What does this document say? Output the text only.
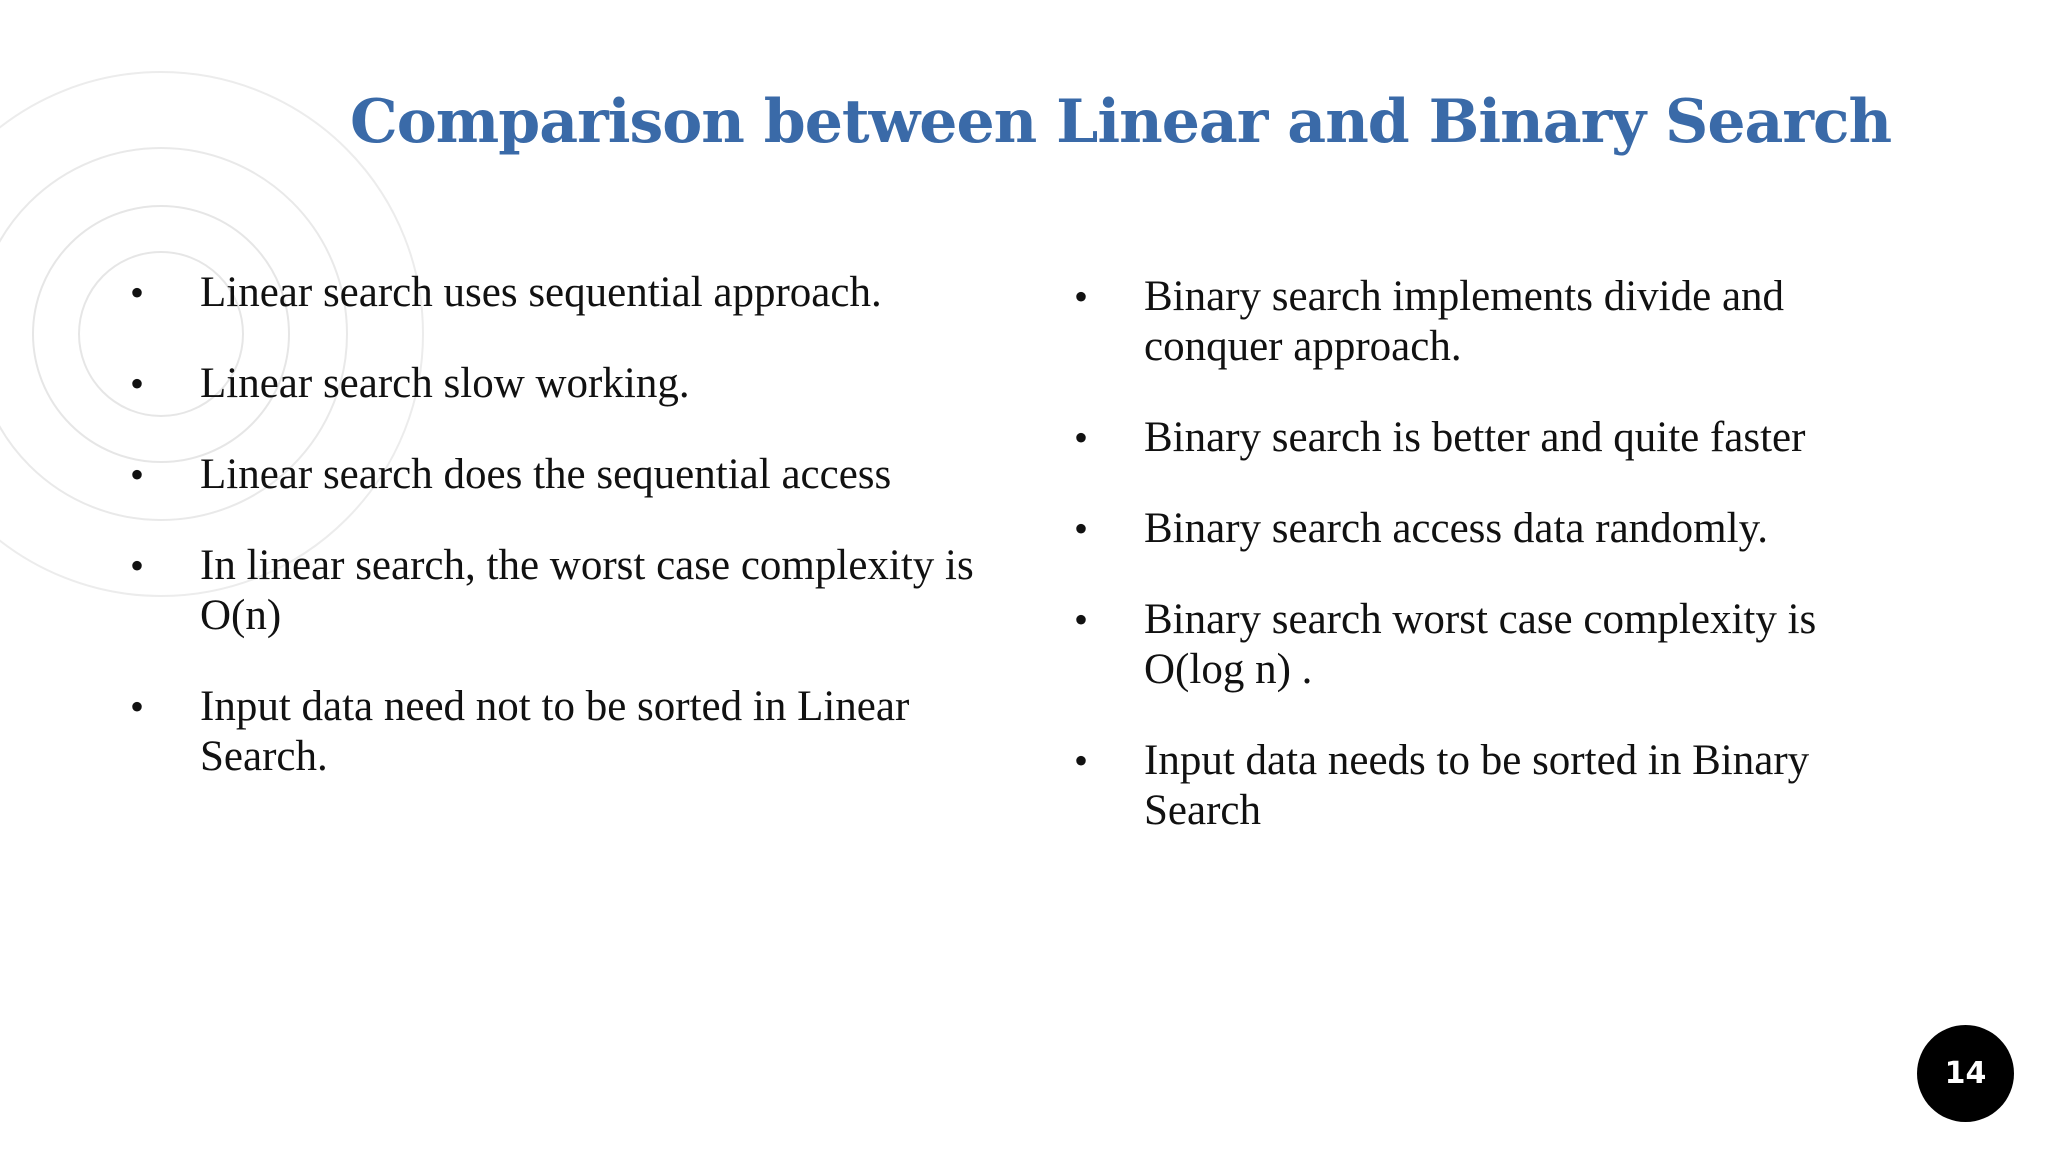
Comparison between Linear and Binary Search
• Linear search uses sequential approach.
• Linear search slow working.
• Linear search does the sequential access
• In linear search, the worst case complexity is O(n)
• Input data need not to be sorted in Linear Search.
• Binary search implements divide and conquer approach.
• Binary search is better and quite faster
• Binary search access data randomly.
• Binary search worst case complexity is O(log n) .
• Input data needs to be sorted in Binary Search
14
